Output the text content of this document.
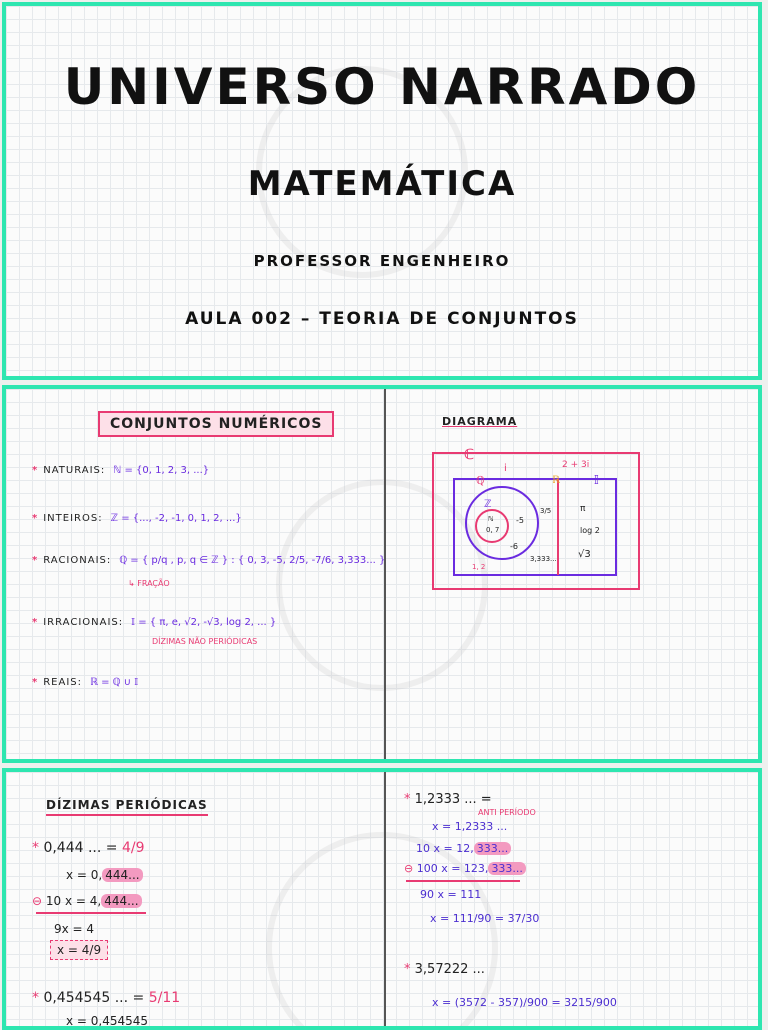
UNIVERSO NARRADO
MATEMÁTICA
PROFESSOR ENGENHEIRO
AULA 002 – TEORIA DE CONJUNTOS
CONJUNTOS NUMÉRICOS
* NATURAIS: ℕ = {0, 1, 2, 3, ...}
* INTEIROS: ℤ = {..., -2, -1, 0, 1, 2, ...}
* RACIONAIS: ℚ = { p/q , p, q ∈ ℤ } : { 0, 3, -5, 2/5, -7/6, 3,333... }
↳ FRAÇÃO
* IRRACIONAIS: 𝕀 = { π, e, √2, -√3, log 2, ... }
DÍZIMAS NÃO PERIÓDICAS
* REAIS: ℝ = ℚ ∪ 𝕀
DIAGRAMA
ℂ
i	2 + 3i
ℚ	ℝ	𝕀
ℤ
ℕ
0, 7
-5
-6
3/5
3,333...
1, 2
π
log 2
√3
DÍZIMAS PERIÓDICAS
* 0,444 ... = 4/9
x = 0, 444...
⊖ 10 x = 4, 444...
9x = 4
x = 4/9
* 0,454545 ... = 5/11
x = 0,454545
* 1,2333 ... =
ANTI PERÍODO
x = 1,2333 ...
10 x = 12, 333...
⊖ 100 x = 123, 333...
90 x = 111
x = 111/90 = 37/30
* 3,57222 ...
x = (3572 - 357)/900 = 3215/900
